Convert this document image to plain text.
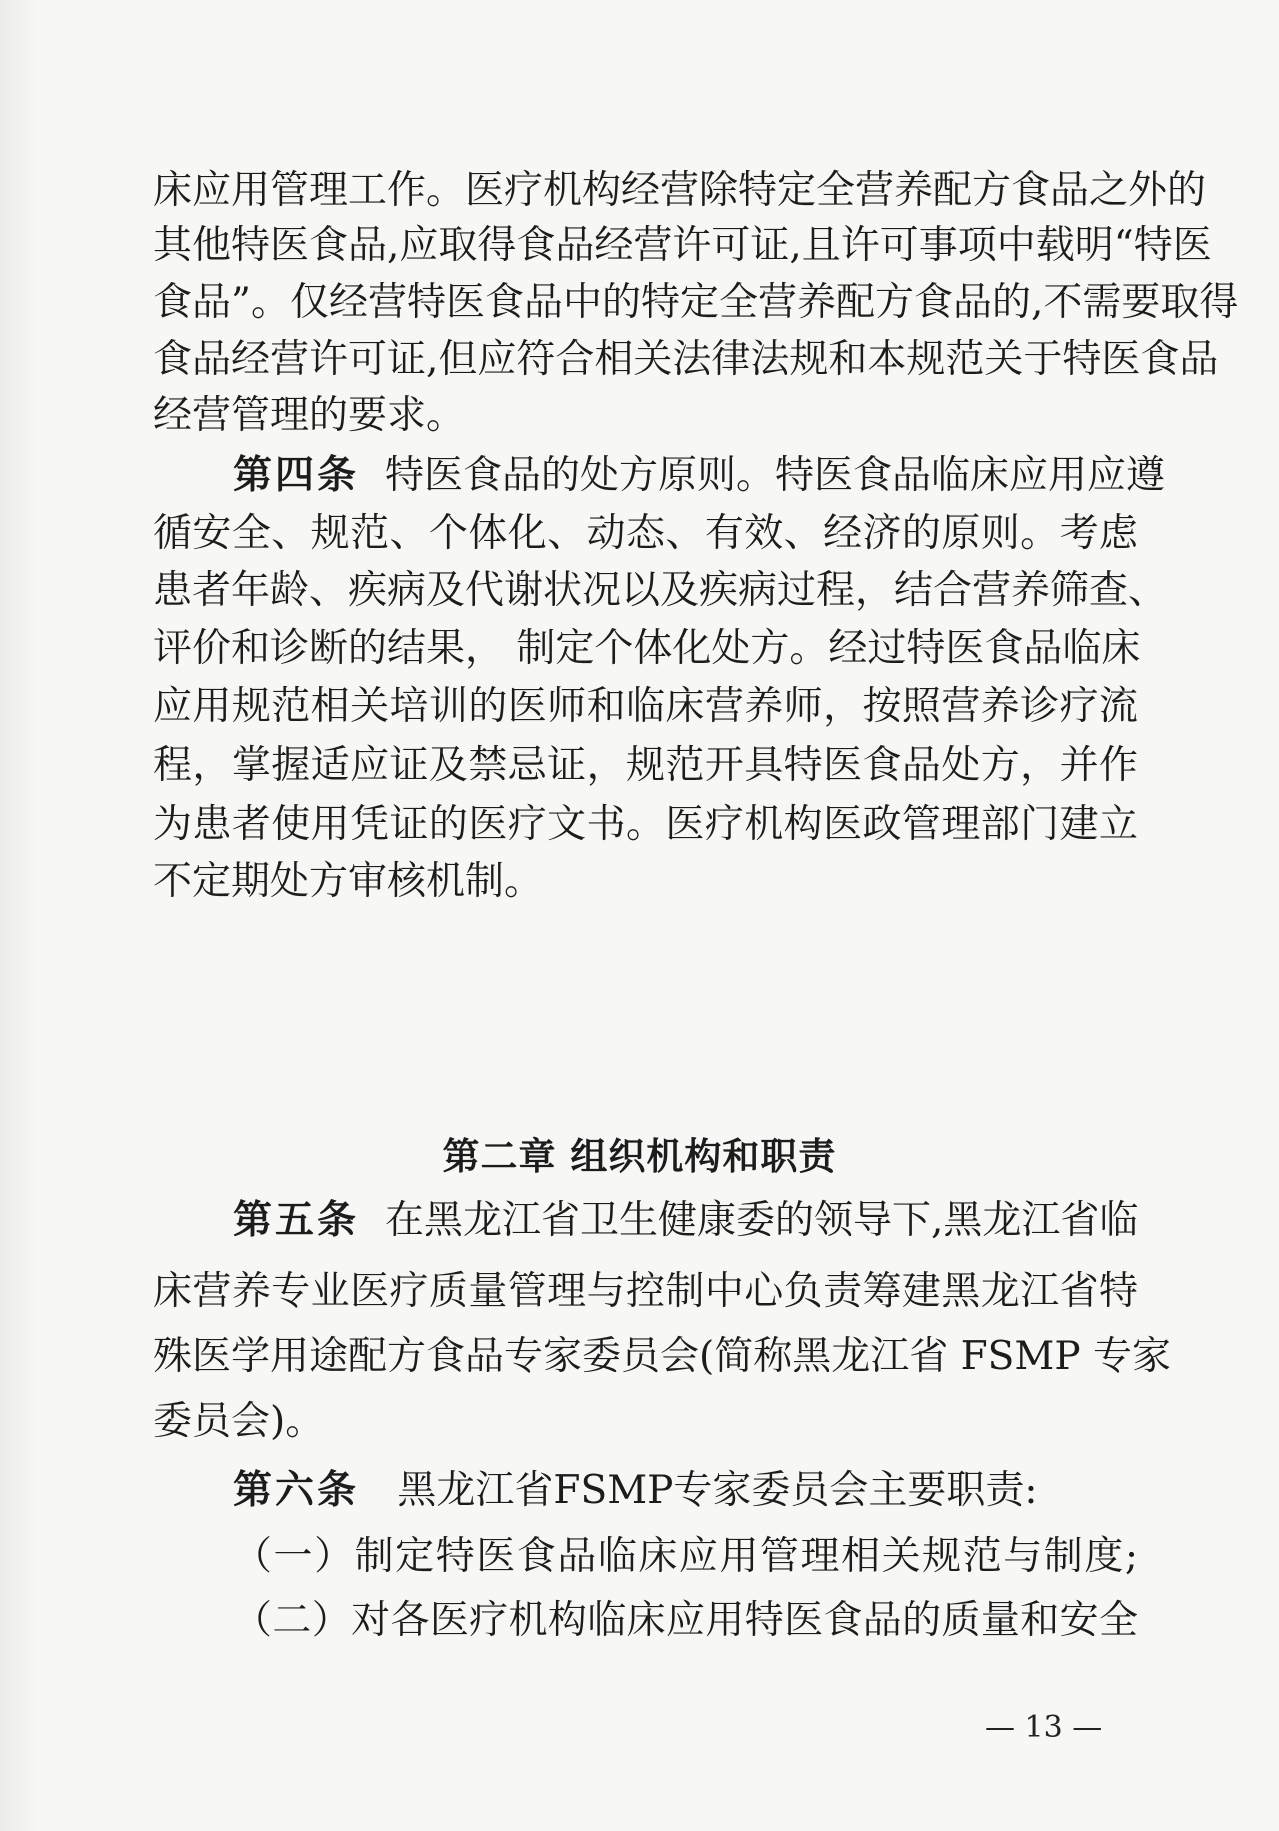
床应用管理工作。医疗机构经营除特定全营养配方食品之外的
其他特医食品,应取得食品经营许可证,且许可事项中载明“特医
食品”。仅经营特医食品中的特定全营养配方食品的,不需要取得
食品经营许可证,但应符合相关法律法规和本规范关于特医食品
经营管理的要求。
第四条 特医食品的处方原则。特医食品临床应用应遵
循安全、规范、个体化、动态、有效、经济的原则。考虑
患者年龄、疾病及代谢状况以及疾病过程，结合营养筛查、
评价和诊断的结果， 制定个体化处方。经过特医食品临床
应用规范相关培训的医师和临床营养师，按照营养诊疗流
程，掌握适应证及禁忌证，规范开具特医食品处方，并作
为患者使用凭证的医疗文书。医疗机构医政管理部门建立
不定期处方审核机制。
第二章 组织机构和职责
第五条 在黑龙江省卫生健康委的领导下,黑龙江省临
床营养专业医疗质量管理与控制中心负责筹建黑龙江省特
殊医学用途配方食品专家委员会(简称黑龙江省 FSMP 专家
委员会)。
第六条 黑龙江省FSMP专家委员会主要职责:
（一）制定特医食品临床应用管理相关规范与制度;
（二）对各医疗机构临床应用特医食品的质量和安全
— 13 —
